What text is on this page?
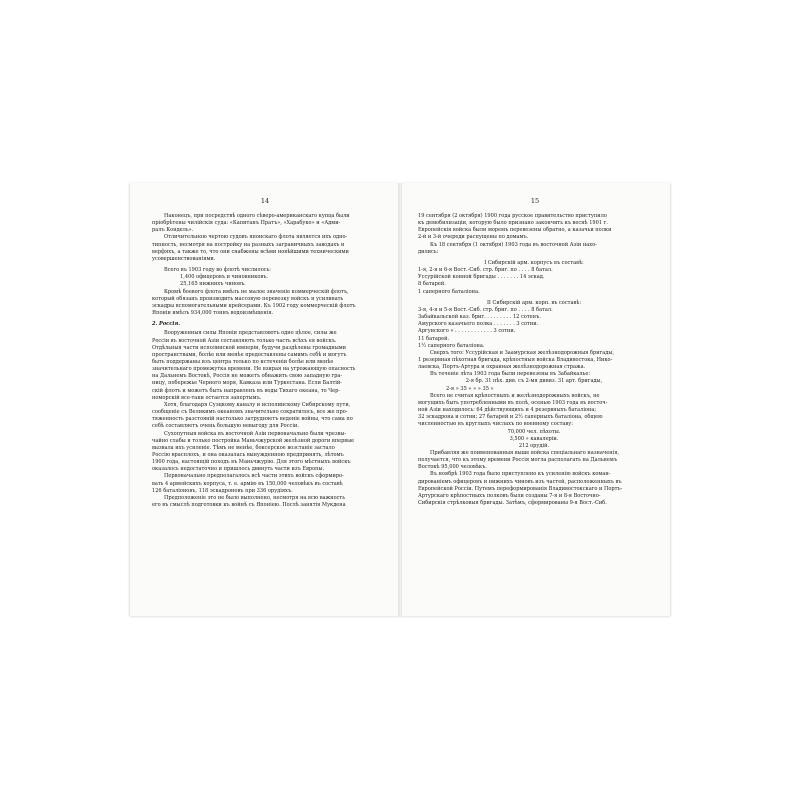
14

Наконецъ, при посредствѣ одного сѣверо-американскаго купца были

пріобрѣтены чилійскія суда: «Капитанъ Пратъ», «Харабуко» и «Адми-

ралъ Кондель».

Отличительною чертою судовъ японскаго флота является ихъ одно-

типность, несмотря на постройку на разныхъ заграничныхъ заводахъ и

верфяхъ, а также то, что они снабжены всѣми новѣйшими техническими

усовершенствованіями.

Всего въ 1903 году во флотѣ числилось:

1,400 офицеровъ и чиновниковъ.

25,165 нижнихъ чиновъ.

Кромѣ боевого флота имѣлъ не малое значеніе коммерческій флотъ,

который обязанъ производить массовую перевозку войскъ и усиливать

эскадры вспомогательными крейсерами. Къ 1902 году коммерческій флотъ

Японіи имѣлъ 934,000 тоннъ водоизмѣщенія.

2. Россія.

Вооруженныя силы Японіи представляютъ одно цѣлое, силы же

Россіи въ восточной Азіи составляютъ только часть всѣхъ ея войскъ.

Отдѣльныя части исполинской имперіи, будучи раздѣлены громадными

пространствами, болѣе или менѣе предоставлены самимъ себѣ и могутъ

быть поддержаны изъ центра только по истеченіи болѣе или менѣе

значительнаго промежутка времени. Не взирая на угрожающую опасность

на Дальнемъ Востокѣ, Россія не можетъ обнажить свою западную гра-

ницу, побережье Черного моря, Кавказа или Туркестана. Если Балтій-

скій флотъ и можетъ быть направленъ въ воды Тихаго океана, то Чер-

номорскій все-таки остается запертымъ.

Хотя, благодаря Суэцкому каналу и исполинскому Сибирскому пути,

сообщеніе съ Великимъ океаномъ значительно сократилось, все же про-

тяженность разстояній настолько затрудняетъ веденіе войны, что сама по

себѣ составляетъ очень большую невыгоду для Россіи.

Сухопутныя войска въ восточной Азіи первоначально были чрезвы-

чайно слабы и только постройка Маньчжурской желѣзной дороги впервые

вызвала ихъ усиленіе. Тѣмъ не менѣе, боксерское возстаніе застало

Россію врасплохъ, и она оказалась вынужденною предпринять, лѣтомъ

1900 года, настоящій походъ въ Маньчжурію. Для этого мѣстныхъ войскъ

оказалось недостаточно и пришлось двинуть части изъ Европы.

Первоначально предполагалось всѣ части этихъ войскъ сформиро-

вать 4 армейскихъ корпуса, т. е. армію въ 150,000 человѣкъ въ составѣ

126 баталіоновъ, 118 эскадроновъ при 336 орудіяхъ.

Предположеніе это не было выполнено, несмотря на всю важность

его въ смыслѣ подготовки къ войнѣ съ Японіею. Послѣ занятія Мукдена

15

19 сентября (2 октября) 1900 года русское правительство приступило

къ демобилизаціи, которую было признано закончить къ веснѣ 1901 г.

Европейскія войска были моремъ перевезены обратно, а казачьи полки

2-й и 3-й очереди распущены по домамъ.

Къ 18 сентября (1 октября) 1903 года въ восточной Азіи нахо-

дились:

I Сибирскій арм. корпусъ въ составѣ:

1-я, 2-я и 6-я Вост.-Сиб. стр. бриг. по . . . . 8 батал.

Уссурійской конной бригады . . . . . . . 14 эскад.

8 батарей.

1 саперного баталіона.

II Сибирскій арм. корп. въ составѣ:

3-я, 4-я и 5-я Вост.-Сиб. стр. бриг. по . . . . 8 батал.

Забайкальской каз. бриг. . . . . . . . . 12 сотенъ.

Амурского казачьего полка . . . . . . . 3 сотни.

Аргунского » . . . . . . . . . . . . 3 сотни.

11 батарей.

1½ саперного баталіона.

Сверхъ того: Уссурійская и Заамурская желѣзнодорожныя бригады,

1 резервная пѣхотная бригада, крѣпостныя войска Владивостока, Нико-

лаевска, Портъ-Артура и охранная желѣзнодорожная стража.

Въ теченіе лѣта 1903 года были перевезены въ Забайкалье:

2-я бр. 31 пѣх. див. съ 2-мя дивиз. 31 арт. бригады,

2-я » 35 » » » 35 »

Всего не считая крѣпостныхъ и желѣзнодорожныхъ войскъ, не

могущихъ быть употребленными въ полѣ, осенью 1903 года въ восточ-

ной Азіи находилось: 64 дѣйствующихъ и 4 резервныхъ баталіона;

32 эскадрона и сотни; 27 батарей и 2½ саперныхъ баталіона, общею

численностью въ круглыхъ числахъ по военному составу:

70,000 чел. пѣхоты.

3,500 » кавалеріи.

212 орудій.

Прибавляя же поименованныя выше войска спеціальнаго назначенія,

получается, что къ этому времени Россія могла располагать на Дальнемъ

Востокѣ 95,000 человѣкъ.

Въ ноябрѣ 1903 года было приступлено къ усиленію войскъ коман-

дированіемъ офицеровъ и нижнихъ чиновъ изъ частей, расположенныхъ въ

Европейской Россіи. Путемъ переформированія Владивостокскаго и Портъ-

Артурскаго крѣпостныхъ полковъ были созданы 7-я и 8-я Восточно-

Сибирскія стрѣлковыя бригады. Затѣмъ, сформированы 9-я Вост.-Сиб.
